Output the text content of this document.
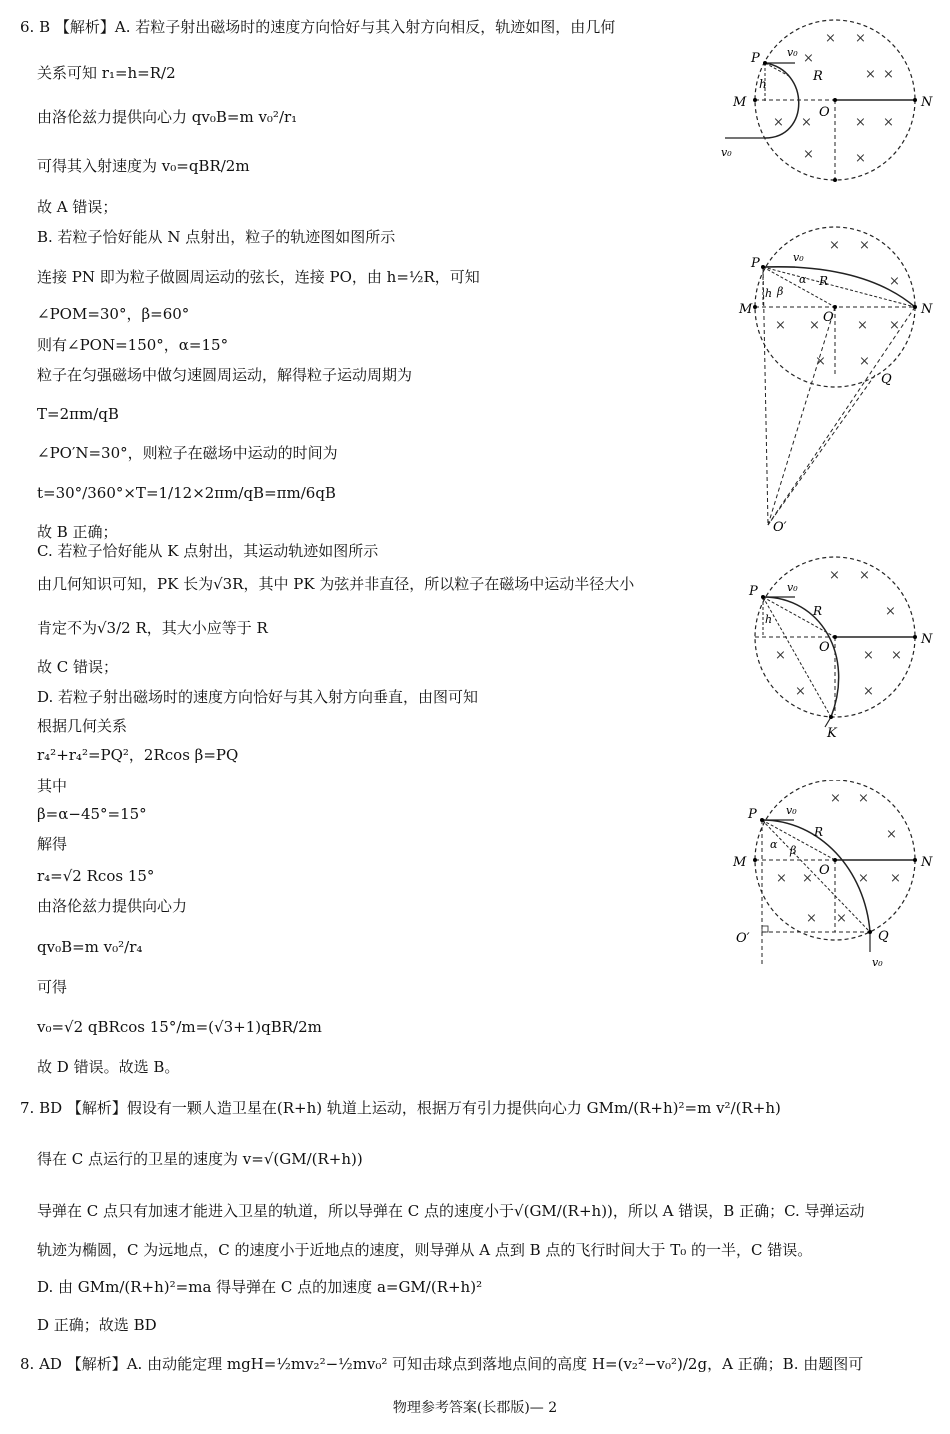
6. B 【解析】A. 若粒子射出磁场时的速度方向恰好与其入射方向相反，轨迹如图，由几何
关系可知 r₁=h=R/2
由洛伦兹力提供向心力 qv₀B=m v₀²/r₁
可得其入射速度为 v₀=qBR/2m
故 A 错误；
B. 若粒子恰好能从 N 点射出，粒子的轨迹图如图所示
连接 PN 即为粒子做圆周运动的弦长，连接 PO，由 h=½R，可知
∠POM=30°，β=60°
则有∠PON=150°，α=15°
粒子在匀强磁场中做匀速圆周运动，解得粒子运动周期为
T=2πm/qB
∠PO′N=30°，则粒子在磁场中运动的时间为
t=30°/360°×T=1/12×2πm/qB=πm/6qB
故 B 正确；
C. 若粒子恰好能从 K 点射出，其运动轨迹如图所示
由几何知识可知，PK 长为√3R，其中 PK 为弦并非直径，所以粒子在磁场中运动半径大小
肯定不为√3/2 R，其大小应等于 R
故 C 错误；
D. 若粒子射出磁场时的速度方向恰好与其入射方向垂直，由图可知
根据几何关系
r₄²+r₄²=PQ²，2Rcos β=PQ
其中
β=α−45°=15°
解得
r₄=√2 Rcos 15°
由洛伦兹力提供向心力
qv₀B=m v₀²/r₄
可得
v₀=√2 qBRcos 15°/m=(√3+1)qBR/2m
故 D 错误。故选 B。
7. BD 【解析】假设有一颗人造卫星在(R+h) 轨道上运动，根据万有引力提供向心力 GMm/(R+h)²=m v²/(R+h)
得在 C 点运行的卫星的速度为 v=√(GM/(R+h))
导弹在 C 点只有加速才能进入卫星的轨道，所以导弹在 C 点的速度小于√(GM/(R+h))，所以 A 错误，B 正确；C. 导弹运动
轨迹为椭圆，C 为远地点，C 的速度小于近地点的速度，则导弹从 A 点到 B 点的飞行时间大于 T₀ 的一半，C 错误。
D. 由 GMm/(R+h)²=ma 得导弹在 C 点的加速度 a=GM/(R+h)²
D 正确；故选 BD
8. AD 【解析】A. 由动能定理 mgH=½mv₂²−½mv₀² 可知击球点到落地点间的高度 H=(v₂²−v₀²)/2g，A 正确；B. 由题图可
P
M	N
O
R
h
v₀
v₀
× ×
×
× ×
× ×	× ×
×	×
P
M	N
O
R
h
v₀
α
β
Q
O′
× ×
×
× ×	× ×
×	×
P
N
O
R
h
v₀
K
× ×
×
×	× ×
×	×
P
M	N
O
R
v₀
α β
Q
O′
v₀
× ×
×
× ×	× ×
× ×
物理参考答案(长郡版)— 2
